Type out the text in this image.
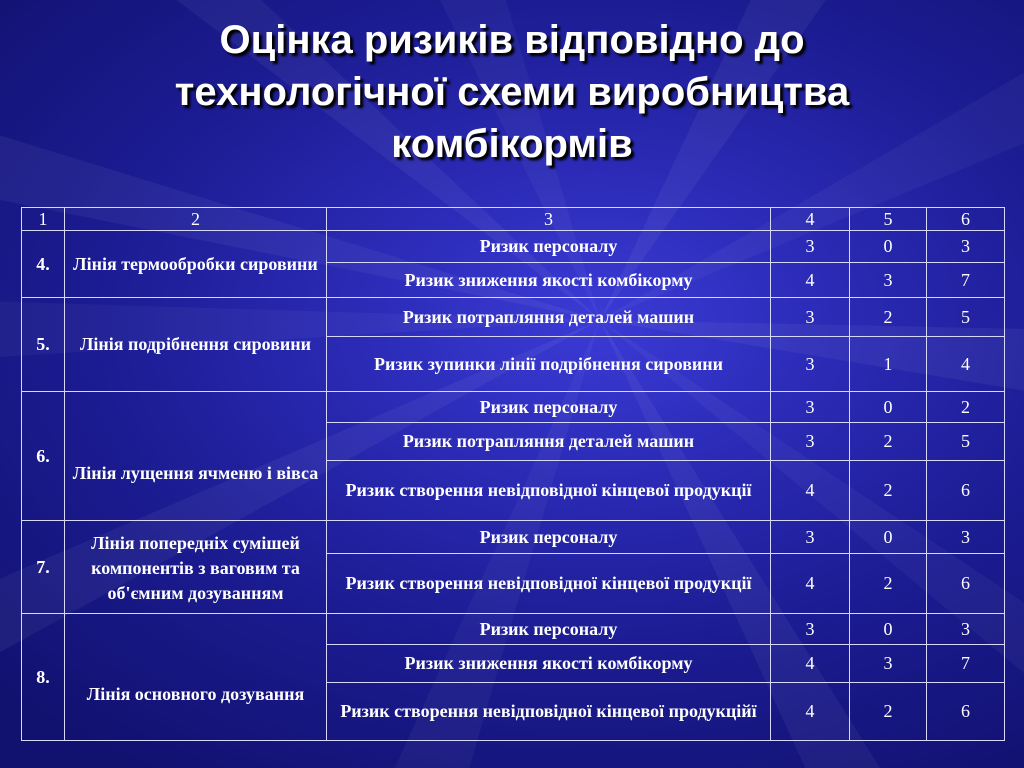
Оцінка ризиків відповідно до
технологічної схеми виробництва
комбікормів
1	2	3	4	5	6
4.	Лінія термообробки сировини	Ризик персоналу	3	0	3
		Ризик зниження якості комбікорму	4	3	7
5.	Лінія подрібнення сировини	Ризик потрапляння деталей машин	3	2	5
		Ризик зупинки лінії подрібнення сировини	3	1	4
6.	Лінія лущення ячменю і вівса	Ризик персоналу	3	0	2
		Ризик потрапляння деталей машин	3	2	5
		Ризик створення невідповідної кінцевої продукції	4	2	6
7.	Лінія попередніх сумішей компонентів з ваговим та об'ємним дозуванням	Ризик персоналу	3	0	3
		Ризик створення невідповідної кінцевої продукції	4	2	6
8.	Лінія основного дозування	Ризик персоналу	3	0	3
		Ризик зниження якості комбікорму	4	3	7
		Ризик створення невідповідної кінцевої продукційї	4	2	6
